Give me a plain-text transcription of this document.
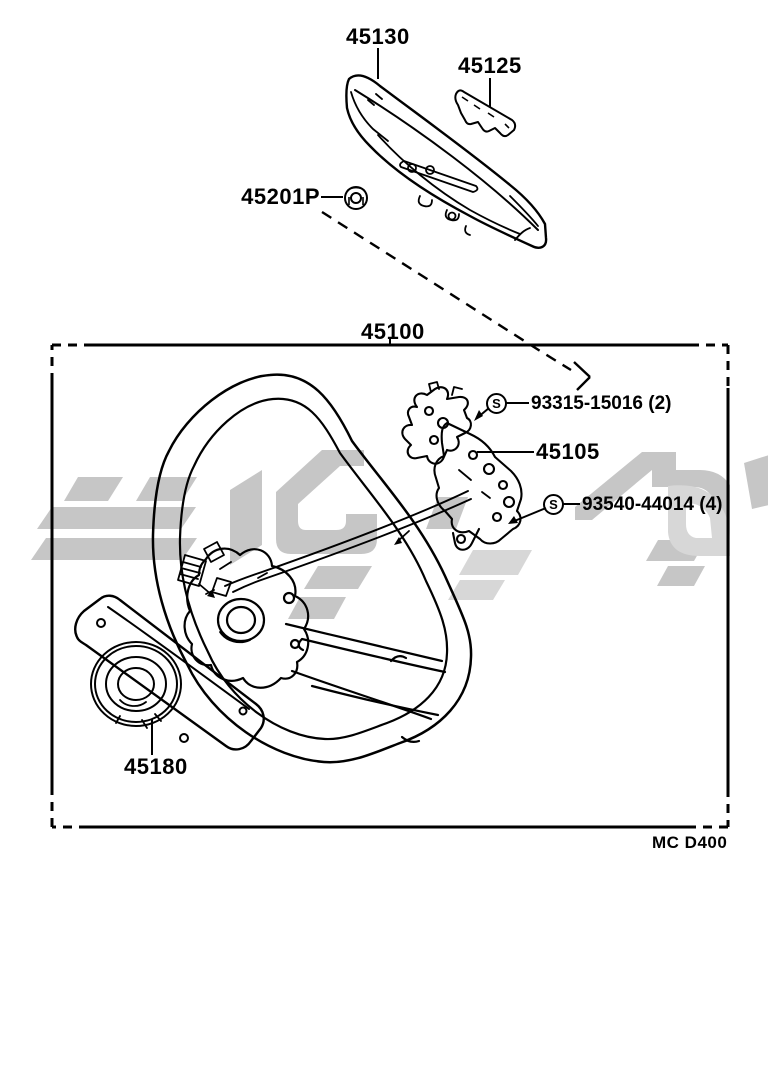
45130
45125
45201P
45100
45105
45180
S	93315-15016 (2)
S	93540-44014 (4)
MC D400
